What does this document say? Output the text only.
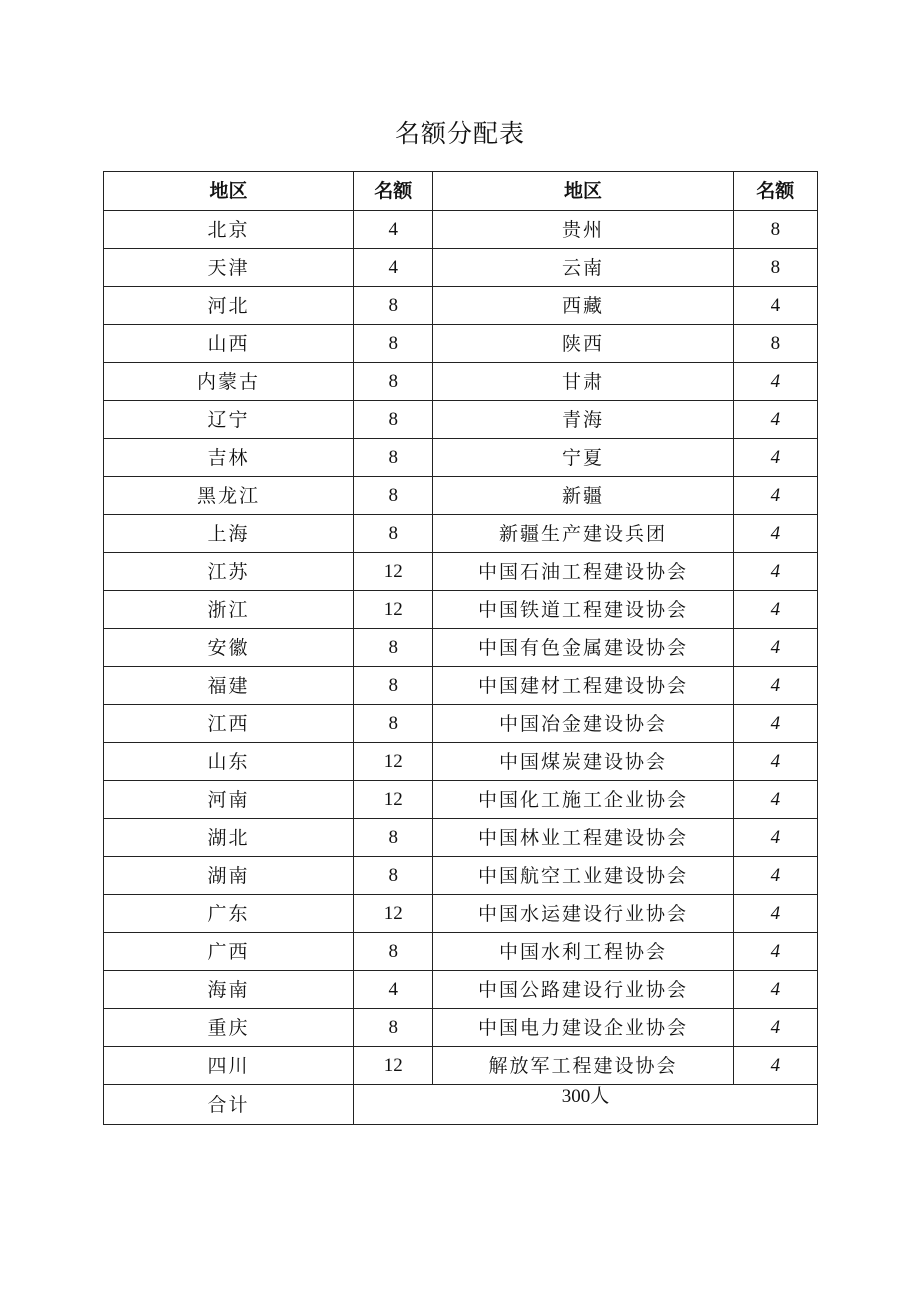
名额分配表
地区	名额	地区	名额
北京	4	贵州	8
天津	4	云南	8
河北	8	西藏	4
山西	8	陕西	8
内蒙古	8	甘肃	4
辽宁	8	青海	4
吉林	8	宁夏	4
黑龙江	8	新疆	4
上海	8	新疆生产建设兵团	4
江苏	12	中国石油工程建设协会	4
浙江	12	中国铁道工程建设协会	4
安徽	8	中国有色金属建设协会	4
福建	8	中国建材工程建设协会	4
江西	8	中国冶金建设协会	4
山东	12	中国煤炭建设协会	4
河南	12	中国化工施工企业协会	4
湖北	8	中国林业工程建设协会	4
湖南	8	中国航空工业建设协会	4
广东	12	中国水运建设行业协会	4
广西	8	中国水利工程协会	4
海南	4	中国公路建设行业协会	4
重庆	8	中国电力建设企业协会	4
四川	12	解放军工程建设协会	4
合计	300人		
